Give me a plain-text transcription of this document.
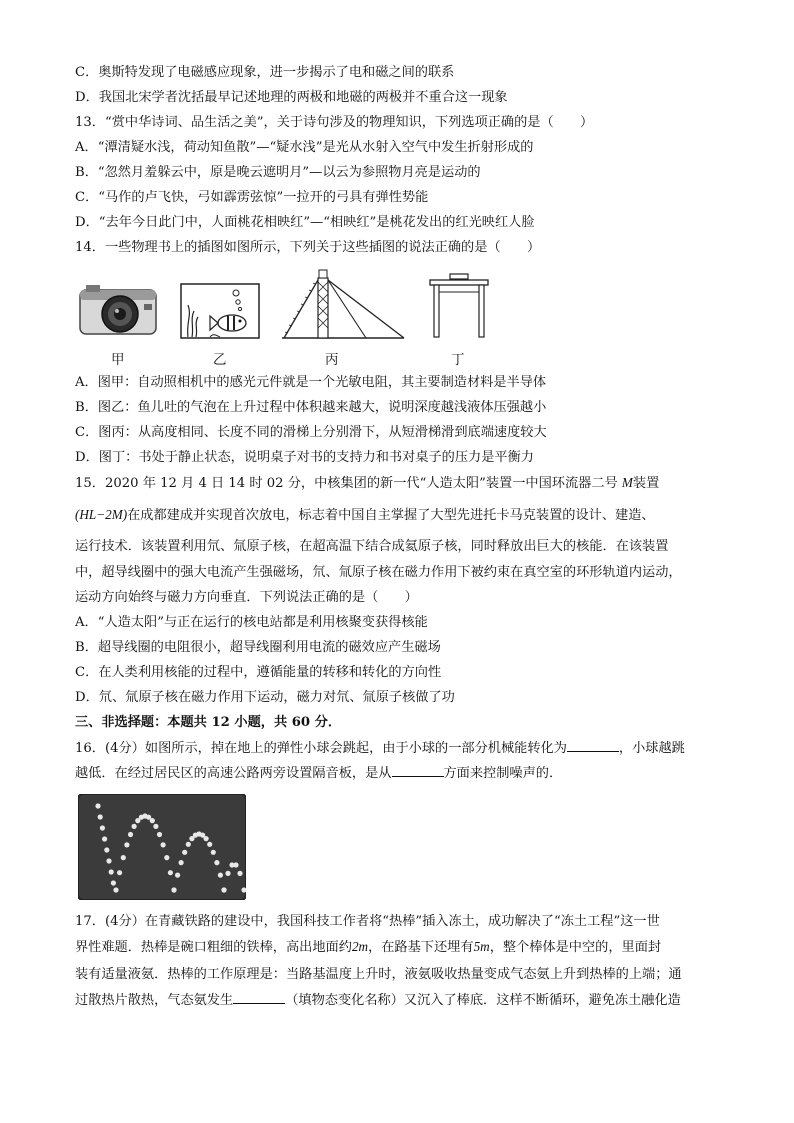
C．奥斯特发现了电磁感应现象，进一步揭示了电和磁之间的联系
D．我国北宋学者沈括最早记述地理的两极和地磁的两极并不重合这一现象
13．“赏中华诗词、品生活之美”，关于诗句涉及的物理知识，下列选项正确的是（　　）
A．“潭清疑水浅，荷动知鱼散”—“疑水浅”是光从水射入空气中发生折射形成的
B．“忽然月羞躲云中，原是晚云遮明月”—以云为参照物月亮是运动的
C．“马作的卢飞快，弓如霹雳弦惊”一拉开的弓具有弹性势能
D．“去年今日此门中，人面桃花相映红”—“相映红”是桃花发出的红光映红人脸
14．一些物理书上的插图如图所示，下列关于这些插图的说法正确的是（　　）
甲	乙	丙	丁
A．图甲：自动照相机中的感光元件就是一个光敏电阻，其主要制造材料是半导体
B．图乙：鱼儿吐的气泡在上升过程中体积越来越大，说明深度越浅液体压强越小
C．图丙：从高度相同、长度不同的滑梯上分别滑下，从短滑梯滑到底端速度较大
D．图丁：书处于静止状态，说明桌子对书的支持力和书对桌子的压力是平衡力
15．2020 年 12 月 4 日 14 时 02 分，中核集团的新一代“人造太阳”装置一中国环流器二号 M装置
(HL−2M)在成都建成并实现首次放电，标志着中国自主掌握了大型先进托卡马克装置的设计、建造、
运行技术．该装置利用氘、氚原子核，在超高温下结合成氦原子核，同时释放出巨大的核能．在该装置
中，超导线圈中的强大电流产生强磁场，氘、氚原子核在磁力作用下被约束在真空室的环形轨道内运动，
运动方向始终与磁力方向垂直．下列说法正确的是（　　）
A．“人造太阳”与正在运行的核电站都是利用核聚变获得核能
B．超导线圈的电阻很小，超导线圈利用电流的磁效应产生磁场
C．在人类利用核能的过程中，遵循能量的转移和转化的方向性
D．氘、氚原子核在磁力作用下运动，磁力对氘、氚原子核做了功
三、非选择题：本题共 12 小题，共 60 分．
16．(4分）如图所示，掉在地上的弹性小球会跳起，由于小球的一部分机械能转化为	，小球越跳
越低．在经过居民区的高速公路两旁设置隔音板，是从	方面来控制噪声的．
17．(4分）在青藏铁路的建设中，我国科技工作者将“热棒”插入冻土，成功解决了“冻土工程”这一世
界性难题．热棒是碗口粗细的铁棒，高出地面约2m，在路基下还埋有5m，整个棒体是中空的，里面封
装有适量液氨．热棒的工作原理是：当路基温度上升时，液氨吸收热量变成气态氨上升到热棒的上端；通
过散热片散热，气态氨发生	（填物态变化名称）又沉入了棒底．这样不断循环，避免冻土融化造
